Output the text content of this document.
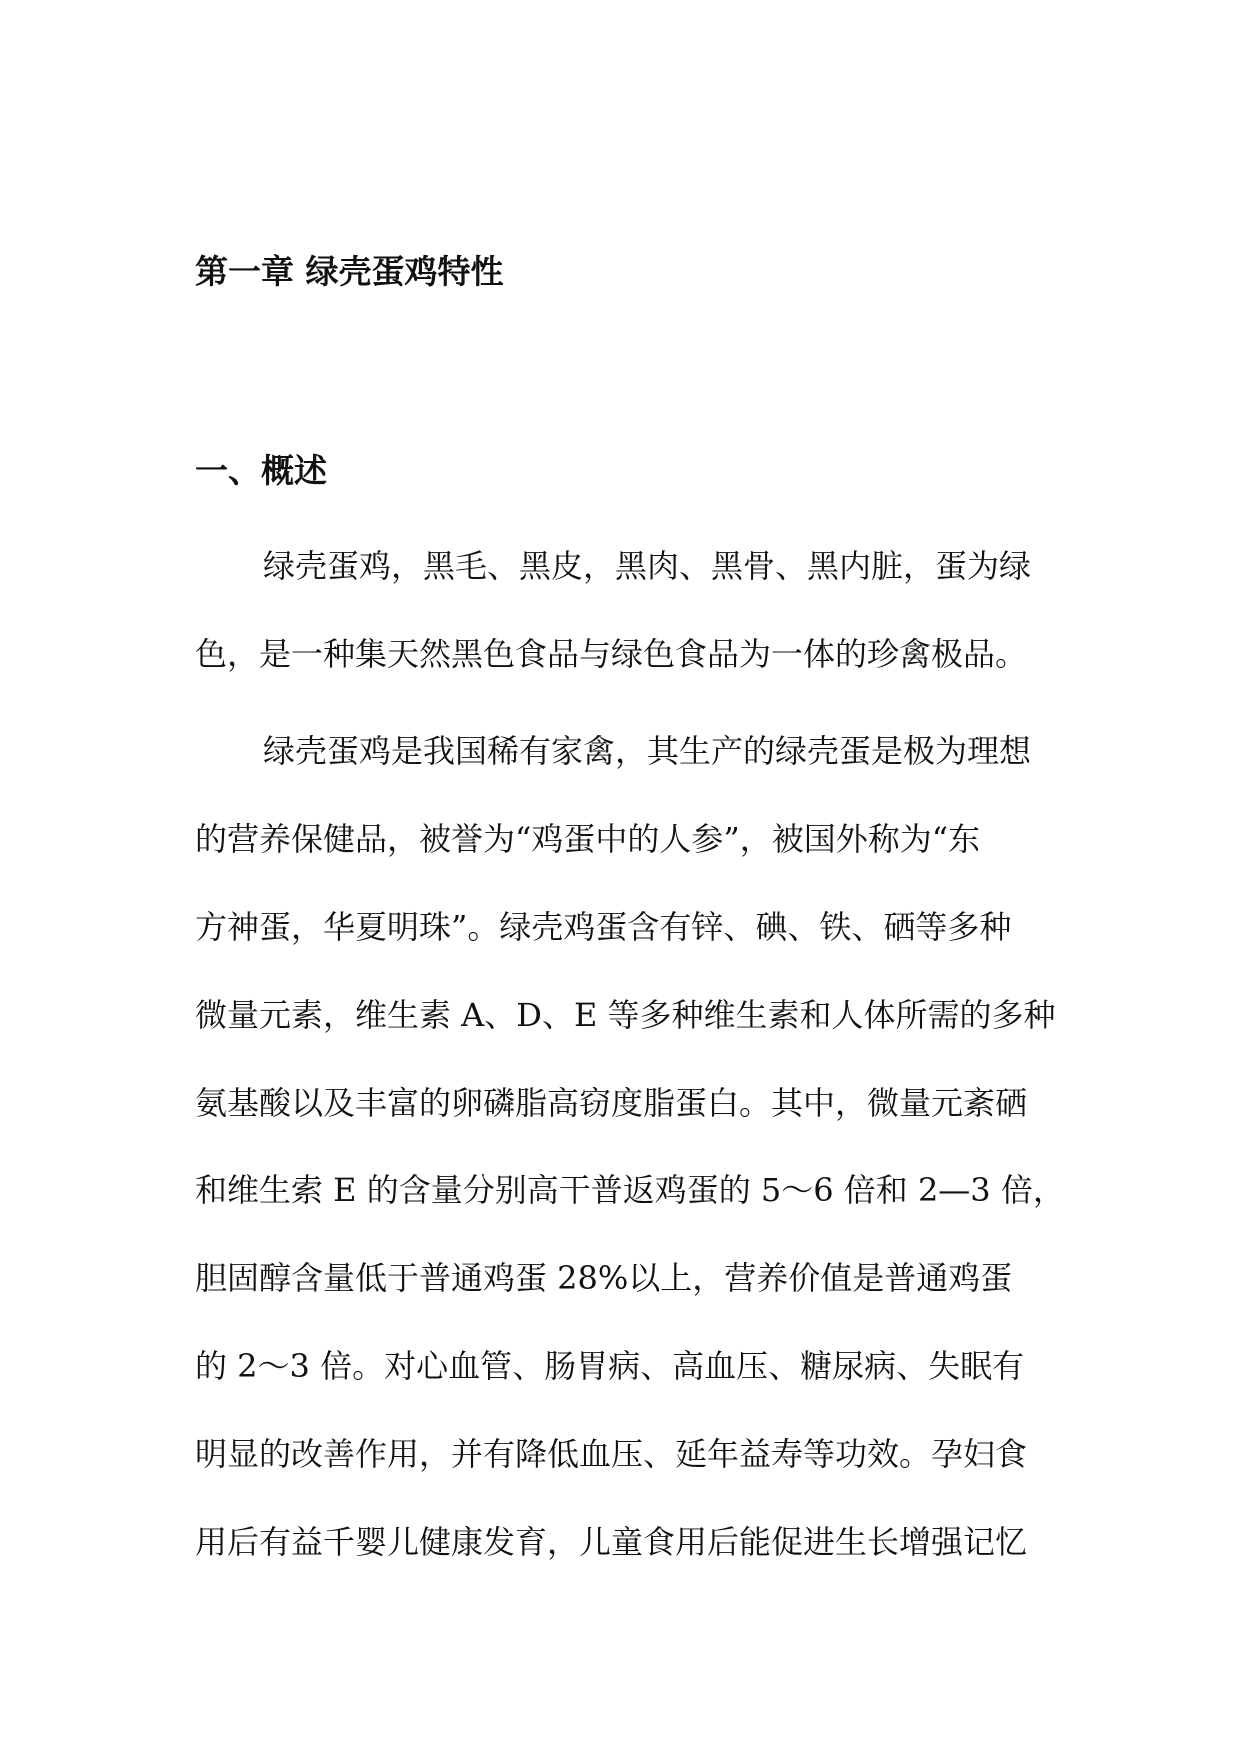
第一章 绿壳蛋鸡特性
一、概述

绿壳蛋鸡，黑毛、黑皮，黑肉、黑骨、黑内脏，蛋为绿

色，是一种集天然黑色食品与绿色食品为一体的珍禽极品。

绿壳蛋鸡是我国稀有家禽，其生产的绿壳蛋是极为理想

的营养保健品，被誉为“鸡蛋中的人参”，被国外称为“东

方神蛋，华夏明珠”。绿壳鸡蛋含有锌、碘、铁、硒等多种

微量元素，维生素 A、D、E 等多种维生素和人体所需的多种

氨基酸以及丰富的卵磷脂高窃度脂蛋白。其中，微量元紊硒

和维生索 E 的含量分别高干普返鸡蛋的 5～6 倍和 2—3 倍，

胆固醇含量低于普通鸡蛋 28%以上，营养价值是普通鸡蛋

的 2～3 倍。对心血管、肠胃病、高血压、糖尿病、失眠有

明显的改善作用，并有降低血压、延年益寿等功效。孕妇食

用后有益千婴儿健康发育，儿童食用后能促进生长增强记忆
